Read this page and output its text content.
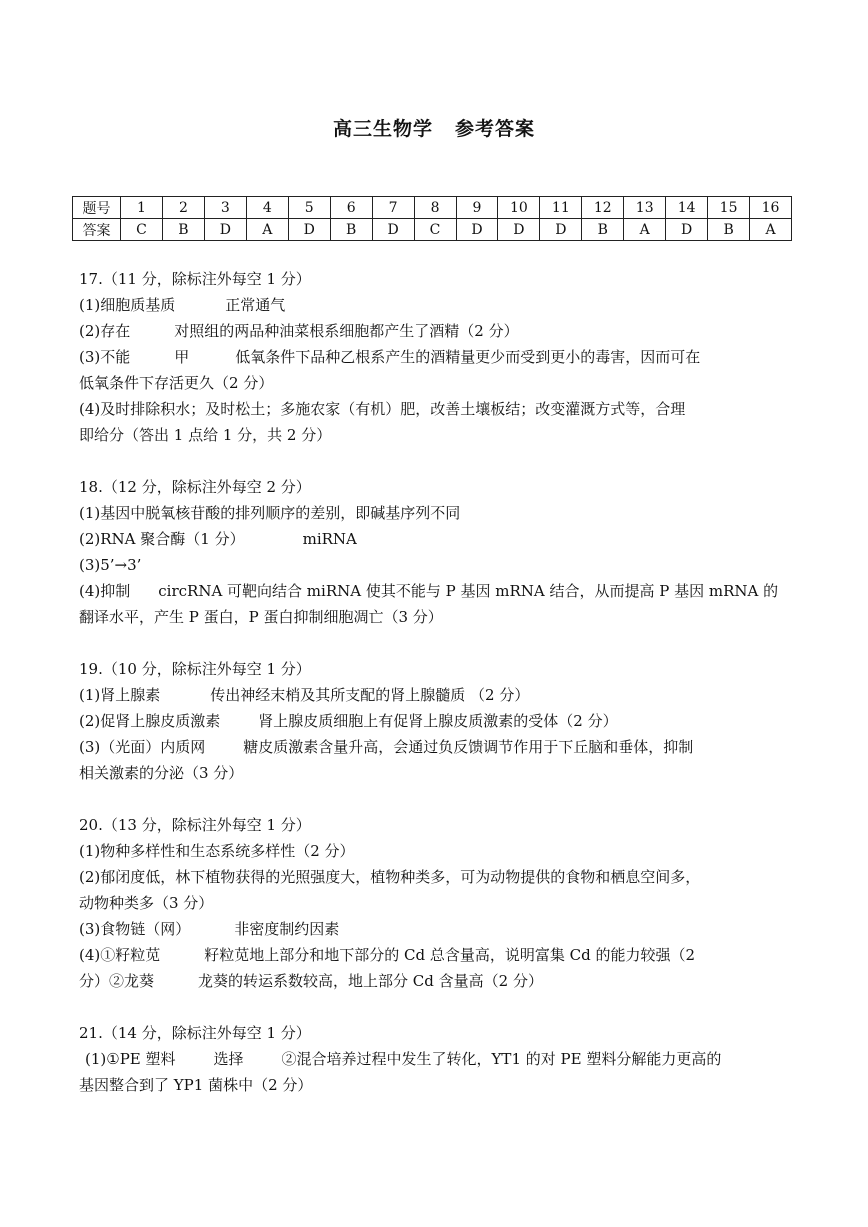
高三生物学 参考答案
题号	1	2	3	4	5	6	7	8	9	10	11	12	13	14	15	16
答案	C	B	D	A	D	B	D	C	D	D	D	B	A	D	B	A
17.（11 分，除标注外每空 1 分）
(1)细胞质基质	正常通气
(2)存在	对照组的两品种油菜根系细胞都产生了酒精（2 分）
(3)不能	甲	低氧条件下品种乙根系产生的酒精量更少而受到更小的毒害，因而可在
低氧条件下存活更久（2 分）
(4)及时排除积水；及时松土；多施农家（有机）肥，改善土壤板结；改变灌溉方式等，合理
即给分（答出 1 点给 1 分，共 2 分）
18.（12 分，除标注外每空 2 分）
(1)基因中脱氧核苷酸的排列顺序的差别，即碱基序列不同
(2)RNA 聚合酶（1 分）	miRNA
(3)5’→3’
(4)抑制 circRNA 可靶向结合 miRNA 使其不能与 P 基因 mRNA 结合，从而提高 P 基因 mRNA 的
翻译水平，产生 P 蛋白，P 蛋白抑制细胞凋亡（3 分）
19.（10 分，除标注外每空 1 分）
(1)肾上腺素	传出神经末梢及其所支配的肾上腺髓质 （2 分）
(2)促肾上腺皮质激素	肾上腺皮质细胞上有促肾上腺皮质激素的受体（2 分）
(3)（光面）内质网	糖皮质激素含量升高，会通过负反馈调节作用于下丘脑和垂体，抑制
相关激素的分泌（3 分）
20.（13 分，除标注外每空 1 分）
(1)物种多样性和生态系统多样性（2 分）
(2)郁闭度低，林下植物获得的光照强度大，植物种类多，可为动物提供的食物和栖息空间多，
动物种类多（3 分）
(3)食物链（网）	非密度制约因素
(4)①籽粒苋	籽粒苋地上部分和地下部分的 Cd 总含量高，说明富集 Cd 的能力较强（2
分）②龙葵	龙葵的转运系数较高，地上部分 Cd 含量高（2 分）
21.（14 分，除标注外每空 1 分）
(1)①PE 塑料	选择	②混合培养过程中发生了转化，YT1 的对 PE 塑料分解能力更高的
基因整合到了 YP1 菌株中（2 分）
